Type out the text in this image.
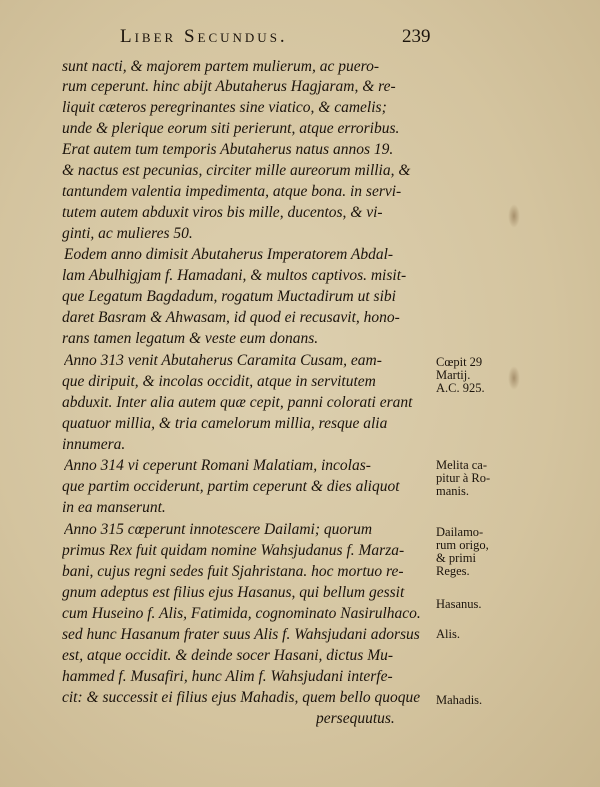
Liber Secundus.	239
sunt nacti, & majorem partem mulierum, ac puero-
rum ceperunt. hinc abijt Abutaherus Hagjaram, & re-
liquit cæteros peregrinantes sine viatico, & camelis;
unde & plerique eorum siti perierunt, atque erroribus.
Erat autem tum temporis Abutaherus natus annos 19.
& nactus est pecunias, circiter mille aureorum millia, &
tantundem valentia impedimenta, atque bona. in servi-
tutem autem abduxit viros bis mille, ducentos, & vi-
ginti, ac mulieres 50.
Eodem anno dimisit Abutaherus Imperatorem Abdal-
lam Abulhigjam f. Hamadani, & multos captivos. misit-
que Legatum Bagdadum, rogatum Muctadirum ut sibi
daret Basram & Ahwasam, id quod ei recusavit, hono-
rans tamen legatum & veste eum donans.
Anno 313 venit Abutaherus Caramita Cusam, eam-
que diripuit, & incolas occidit, atque in servitutem
abduxit. Inter alia autem quæ cepit, panni colorati erant
quatuor millia, & tria camelorum millia, resque alia
innumera.
Anno 314 vi ceperunt Romani Malatiam, incolas-
que partim occiderunt, partim ceperunt & dies aliquot
in ea manserunt.
Anno 315 cœperunt innotescere Dailami; quorum
primus Rex fuit quidam nomine Wahsjudanus f. Marza-
bani, cujus regni sedes fuit Sjahristana. hoc mortuo re-
gnum adeptus est filius ejus Hasanus, qui bellum gessit
cum Huseino f. Alis, Fatimida, cognominato Nasirulhaco.
sed hunc Hasanum frater suus Alis f. Wahsjudani adorsus
est, atque occidit. & deinde socer Hasani, dictus Mu-
hammed f. Musafiri, hunc Alim f. Wahsjudani interfe-
cit: & successit ei filius ejus Mahadis, quem bello quoque
persequutus.
Cœpit 29
Martij.
A.C. 925.
Melita ca-
pitur à Ro-
manis.
Dailamo-
rum origo,
& primi
Reges.
Hasanus.
Alis.
Mahadis.
